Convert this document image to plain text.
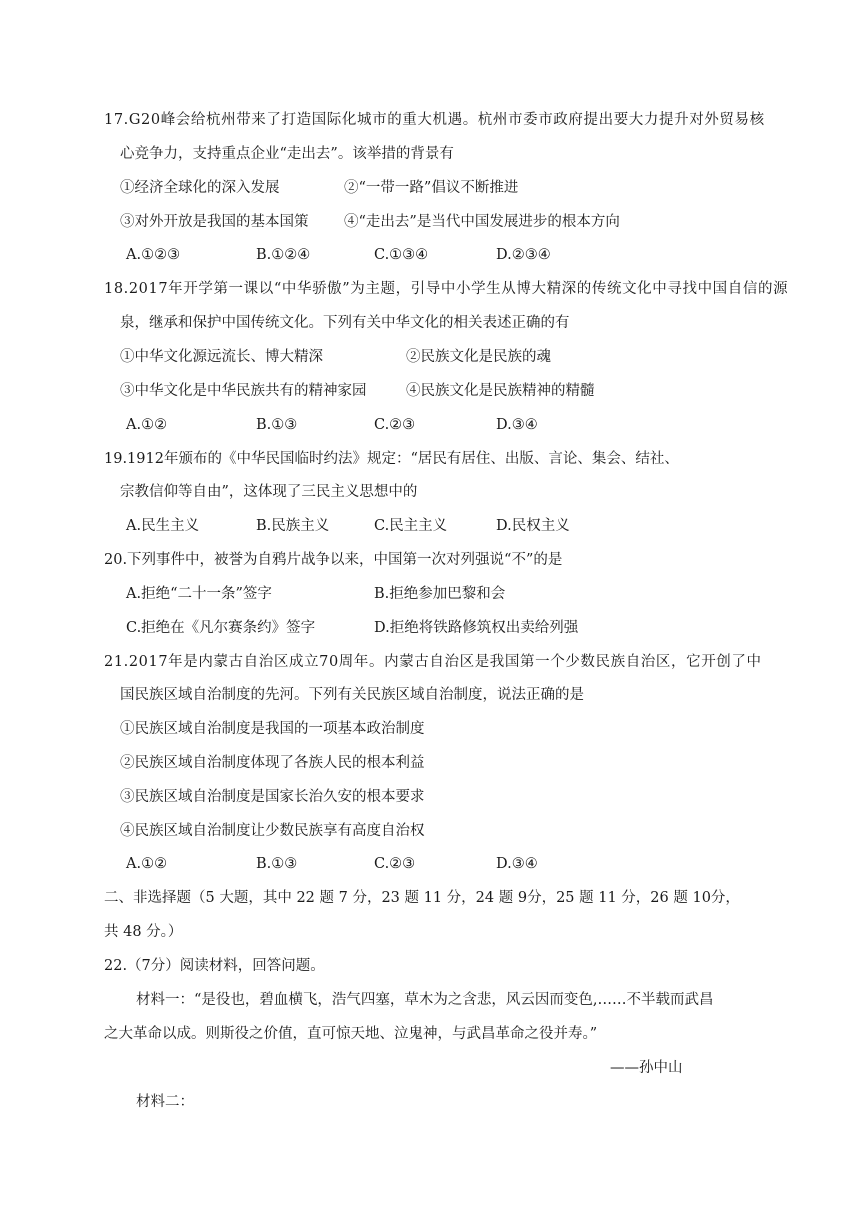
17.G20峰会给杭州带来了打造国际化城市的重大机遇。杭州市委市政府提出要大力提升对外贸易核
心竞争力，支持重点企业“走出去”。该举措的背景有
①经济全球化的深入发展	②“一带一路”倡议不断推进
③对外开放是我国的基本国策 ④“走出去”是当代中国发展进步的根本方向
A.①②③	B.①②④	C.①③④	D.②③④
18.2017年开学第一课以“中华骄傲”为主题，引导中小学生从博大精深的传统文化中寻找中国自信的源
泉，继承和保护中国传统文化。下列有关中华文化的相关表述正确的有
①中华文化源远流长、博大精深	②民族文化是民族的魂
③中华文化是中华民族共有的精神家园	④民族文化是民族精神的精髓
A.①②	B.①③	C.②③	D.③④
19.1912年颁布的《中华民国临时约法》规定：“居民有居住、出版、言论、集会、结社、
宗教信仰等自由”，这体现了三民主义思想中的
A.民生主义	B.民族主义	C.民主主义	D.民权主义
20.下列事件中，被誉为自鸦片战争以来，中国第一次对列强说“不”的是
A.拒绝“二十一条”签字	B.拒绝参加巴黎和会
C.拒绝在《凡尔赛条约》签字	D.拒绝将铁路修筑权出卖给列强
21.2017年是内蒙古自治区成立70周年。内蒙古自治区是我国第一个少数民族自治区，它开创了中
国民族区域自治制度的先河。下列有关民族区域自治制度，说法正确的是
①民族区域自治制度是我国的一项基本政治制度
②民族区域自治制度体现了各族人民的根本利益
③民族区域自治制度是国家长治久安的根本要求
④民族区域自治制度让少数民族享有高度自治权
A.①②	B.①③	C.②③	D.③④
二、非选择题（5 大题，其中 22 题 7 分，23 题 11 分，24 题 9分，25 题 11 分，26 题 10分，
共 48 分。）
22.（7分）阅读材料，回答问题。
材料一：“是役也，碧血横飞，浩气四塞，草木为之含悲，风云因而变色,……不半载而武昌
之大革命以成。则斯役之价值，直可惊天地、泣鬼神，与武昌革命之役并寿。”
——孙中山
材料二：
